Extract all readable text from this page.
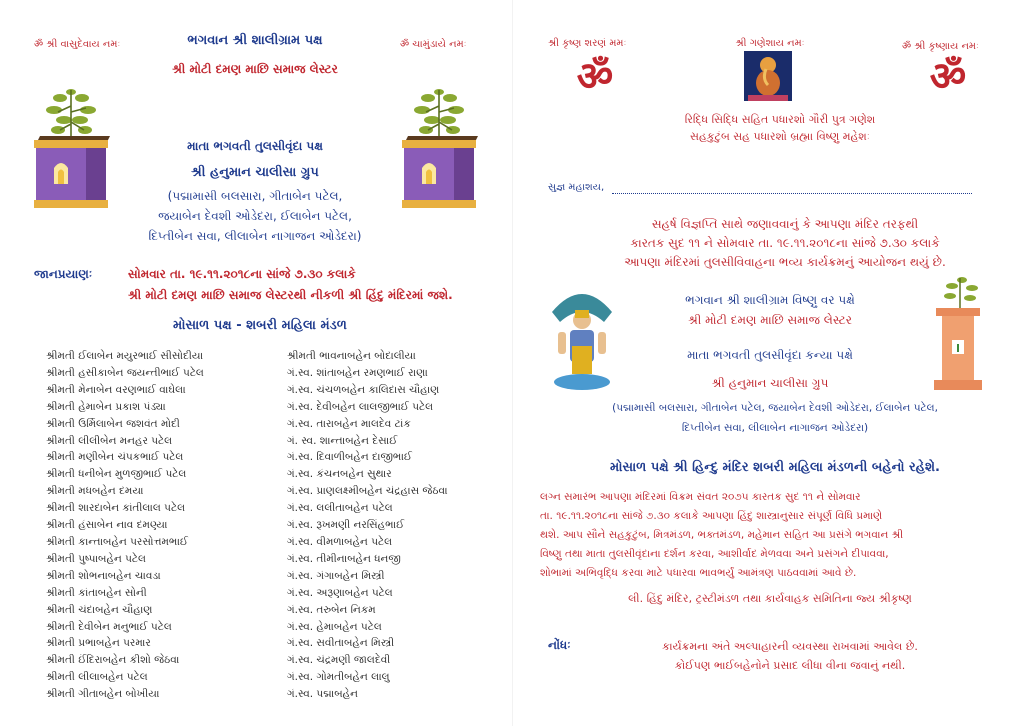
ॐ શ્રી વાસુદેવાય નમઃ	ભગવાન શ્રી શાલીગ્રામ પક્ષ	ॐ ચામુંડાયે નમઃ
શ્રી મોટી દમણ માછિ સમાજ લેસ્ટર
માતા ભગવતી તુલસીવૃંદા પક્ષ
શ્રી હનુમાન ચાલીસા ગ્રુપ
(પદ્મામાસી બલસારા, ગીતાબેન પટેલ,
જયાબેન દેવશી ઓડેદરા, ઈલાબેન પટેલ,
દિપ્તીબેન સવા, લીલાબેન નાગાજન ઓડેદરા)
જાનપ્રયાણઃ	સોમવાર તા. ૧૯.૧૧.૨૦૧૮ના સાંજે ૭.૩૦ કલાકે
શ્રી મોટી દમણ માછિ સમાજ લેસ્ટરથી નીકળી શ્રી હિંદુ મંદિરમાં જશે.
મોસાળ પક્ષ - શબરી મહિલા મંડળ
શ્રીમતી ઈલાબેન મયુરભાઈ સીસોદીયા
શ્રીમતી હસીકાબેન જયન્તીભાઈ પટેલ
શ્રીમતી મેનાબેન વરણભાઈ વાઘેલા
શ્રીમતી હેમાબેન પ્રકાશ પંડ્યા
શ્રીમતી ઉર્મિલાબેન જશવંત મોદી
શ્રીમતી લીલીબેન મનહર પટેલ
શ્રીમતી મણીબેન ચંપકભાઈ પટેલ
શ્રીમતી ધનીબેન મુળજીભાઈ પટેલ
શ્રીમતી મધબહેન દમયા
શ્રીમતી શારદાબેન કાંતીલાલ પટેલ
શ્રીમતી હંસાબેન નાવ દમણ્યા
શ્રીમતી કાન્તાબહેન પરસોત્તમભાઈ
શ્રીમતી પુષ્પાબહેન પટેલ
શ્રીમતી શોભનાબહેન ચાવડા
શ્રીમતી કાંતાબહેન સોની
શ્રીમતી ચંદાબહેન ચૌહાણ
શ્રીમતી દેવીબેન મનુભાઈ પટેલ
શ્રીમતી પ્રભાબહેન પરમાર
શ્રીમતી ઈંદિરાબહેન કીશો જેઠવા
શ્રીમતી લીલાબહેન પટેલ
શ્રીમતી ગીતાબહેન બોખીયા
શ્રીમતી ભાવનાબહેન બોદાલીયા
ગં.સ્વ. શાંતાબહેન રમણભાઈ રાણા
ગં.સ્વ. ચંચળબહેન કાલિદાસ ચૌહાણ
ગં.સ્વ. દેવીબહેન લાલજીભાઈ પટેલ
ગં.સ્વ. તારાબહેન માલદેવ ટાંક
ગં. સ્વ. શાન્તાબહેન દેસાઈ
ગં.સ્વ. દિવાળીબહેન દાજીભાઈ
ગં.સ્વ. કંચનબહેન સુથાર
ગં.સ્વ. પ્રાણલક્ષ્મીબહેન ચંદ્રહાસ જેઠવા
ગં.સ્વ. લલીતાબહેન પટેલ
ગં.સ્વ. રૂખમણી નરસિંહભાઈ
ગં.સ્વ. વીમળાબહેન પટેલ
ગં.સ્વ. તીમીનાબહેન ધનજી
ગં.સ્વ. ગંગાબહેન મિસ્ત્રી
ગં.સ્વ. અરૂણાબહેન પટેલ
ગં.સ્વ. તરુબેન નિકમ
ગં.સ્વ. હેમાબહેન પટેલ
ગં.સ્વ. સવીતાબહેન મિસ્ત્રી
ગં.સ્વ. ચંદ્રમણી જાલદેવી
ગં.સ્વ. ગોમતીબહેન લાલુ
ગં.સ્વ. પદ્માબહેન
શ્રી કૃષ્ણ શરણં મમઃ	શ્રી ગણેશાય નમઃ	ॐ શ્રી કૃષ્ણાય નમઃ
ॐ	ॐ
રિદ્ધિ સિદ્ધિ સહિત પધારશો ગૌરી પુત્ર ગણેશ
સહકુટુંબ સહ પધારશો બ્રહ્મા વિષ્ણુ મહેશઃ
સુજ્ઞ મહાશય,
સહર્ષ વિજ્ઞપ્તિ સાથે જણાવવાનું કે આપણા મંદિર તરફથી
કારતક સુદ ૧૧ ને સોમવાર તા. ૧૯.૧૧.૨૦૧૮ના સાંજે ૭.૩૦ કલાકે
આપણા મંદિરમાં તુલસીવિવાહના ભવ્ય કાર્યક્રમનું આયોજન થયું છે.
ભગવાન શ્રી શાલીગ્રામ વિષ્ણુ વર પક્ષે
શ્રી મોટી દમણ માછિ સમાજ લેસ્ટર
માતા ભગવતી તુલસીવૃંદા કન્યા પક્ષે
શ્રી હનુમાન ચાલીસા ગ્રુપ
(પદ્મામાસી બલસારા, ગીતાબેન પટેલ, જયાબેન દેવશી ઓડેદરા, ઈલાબેન પટેલ,
દિપ્તીબેન સવા, લીલાબેન નાગાજન ઓડેદરા)
મોસાળ પક્ષે શ્રી હિન્દુ મંદિર શબરી મહિલા મંડળની બહેનો રહેશે.
લગ્ન સમારંભ આપણા મંદિરમાં વિક્રમ સંવત ૨૦૭૫ કારતક સુદ ૧૧ ને સોમવાર
તા. ૧૯.૧૧.૨૦૧૮ના સાંજે ૭.૩૦ કલાકે આપણા હિંદુ શાસ્ત્રાનુસાર સંપૂર્ણ વિધિ પ્રમાણે
થશે. આપ સૌને સહકુટુંબ, મિત્રમંડળ, ભક્તમંડળ, મહેમાન સહિત આ પ્રસંગે ભગવાન શ્રી
વિષ્ણુ તથા માતા તુલસીવૃંદાના દર્શન કરવા, આશીર્વાદ મેળવવા અને પ્રસંગને દીપાવવા,
શોભામાં અભિવૃદ્ધિ કરવા માટે પધારવા ભાવભર્યું આમંત્રણ પાઠવવામાં આવે છે.
લી. હિંદુ મંદિર, ટ્રસ્ટીમંડળ તથા કાર્યવાહક સમિતિના જ્ય શ્રીકૃષ્ણ
નોંધઃ	કાર્યક્રમના અંતે અલ્પાહારની વ્યવસ્થા રાખવામાં આવેલ છે.
કોઈપણ ભાઈબહેનોને પ્રસાદ લીધા વીના જવાનું નથી.
